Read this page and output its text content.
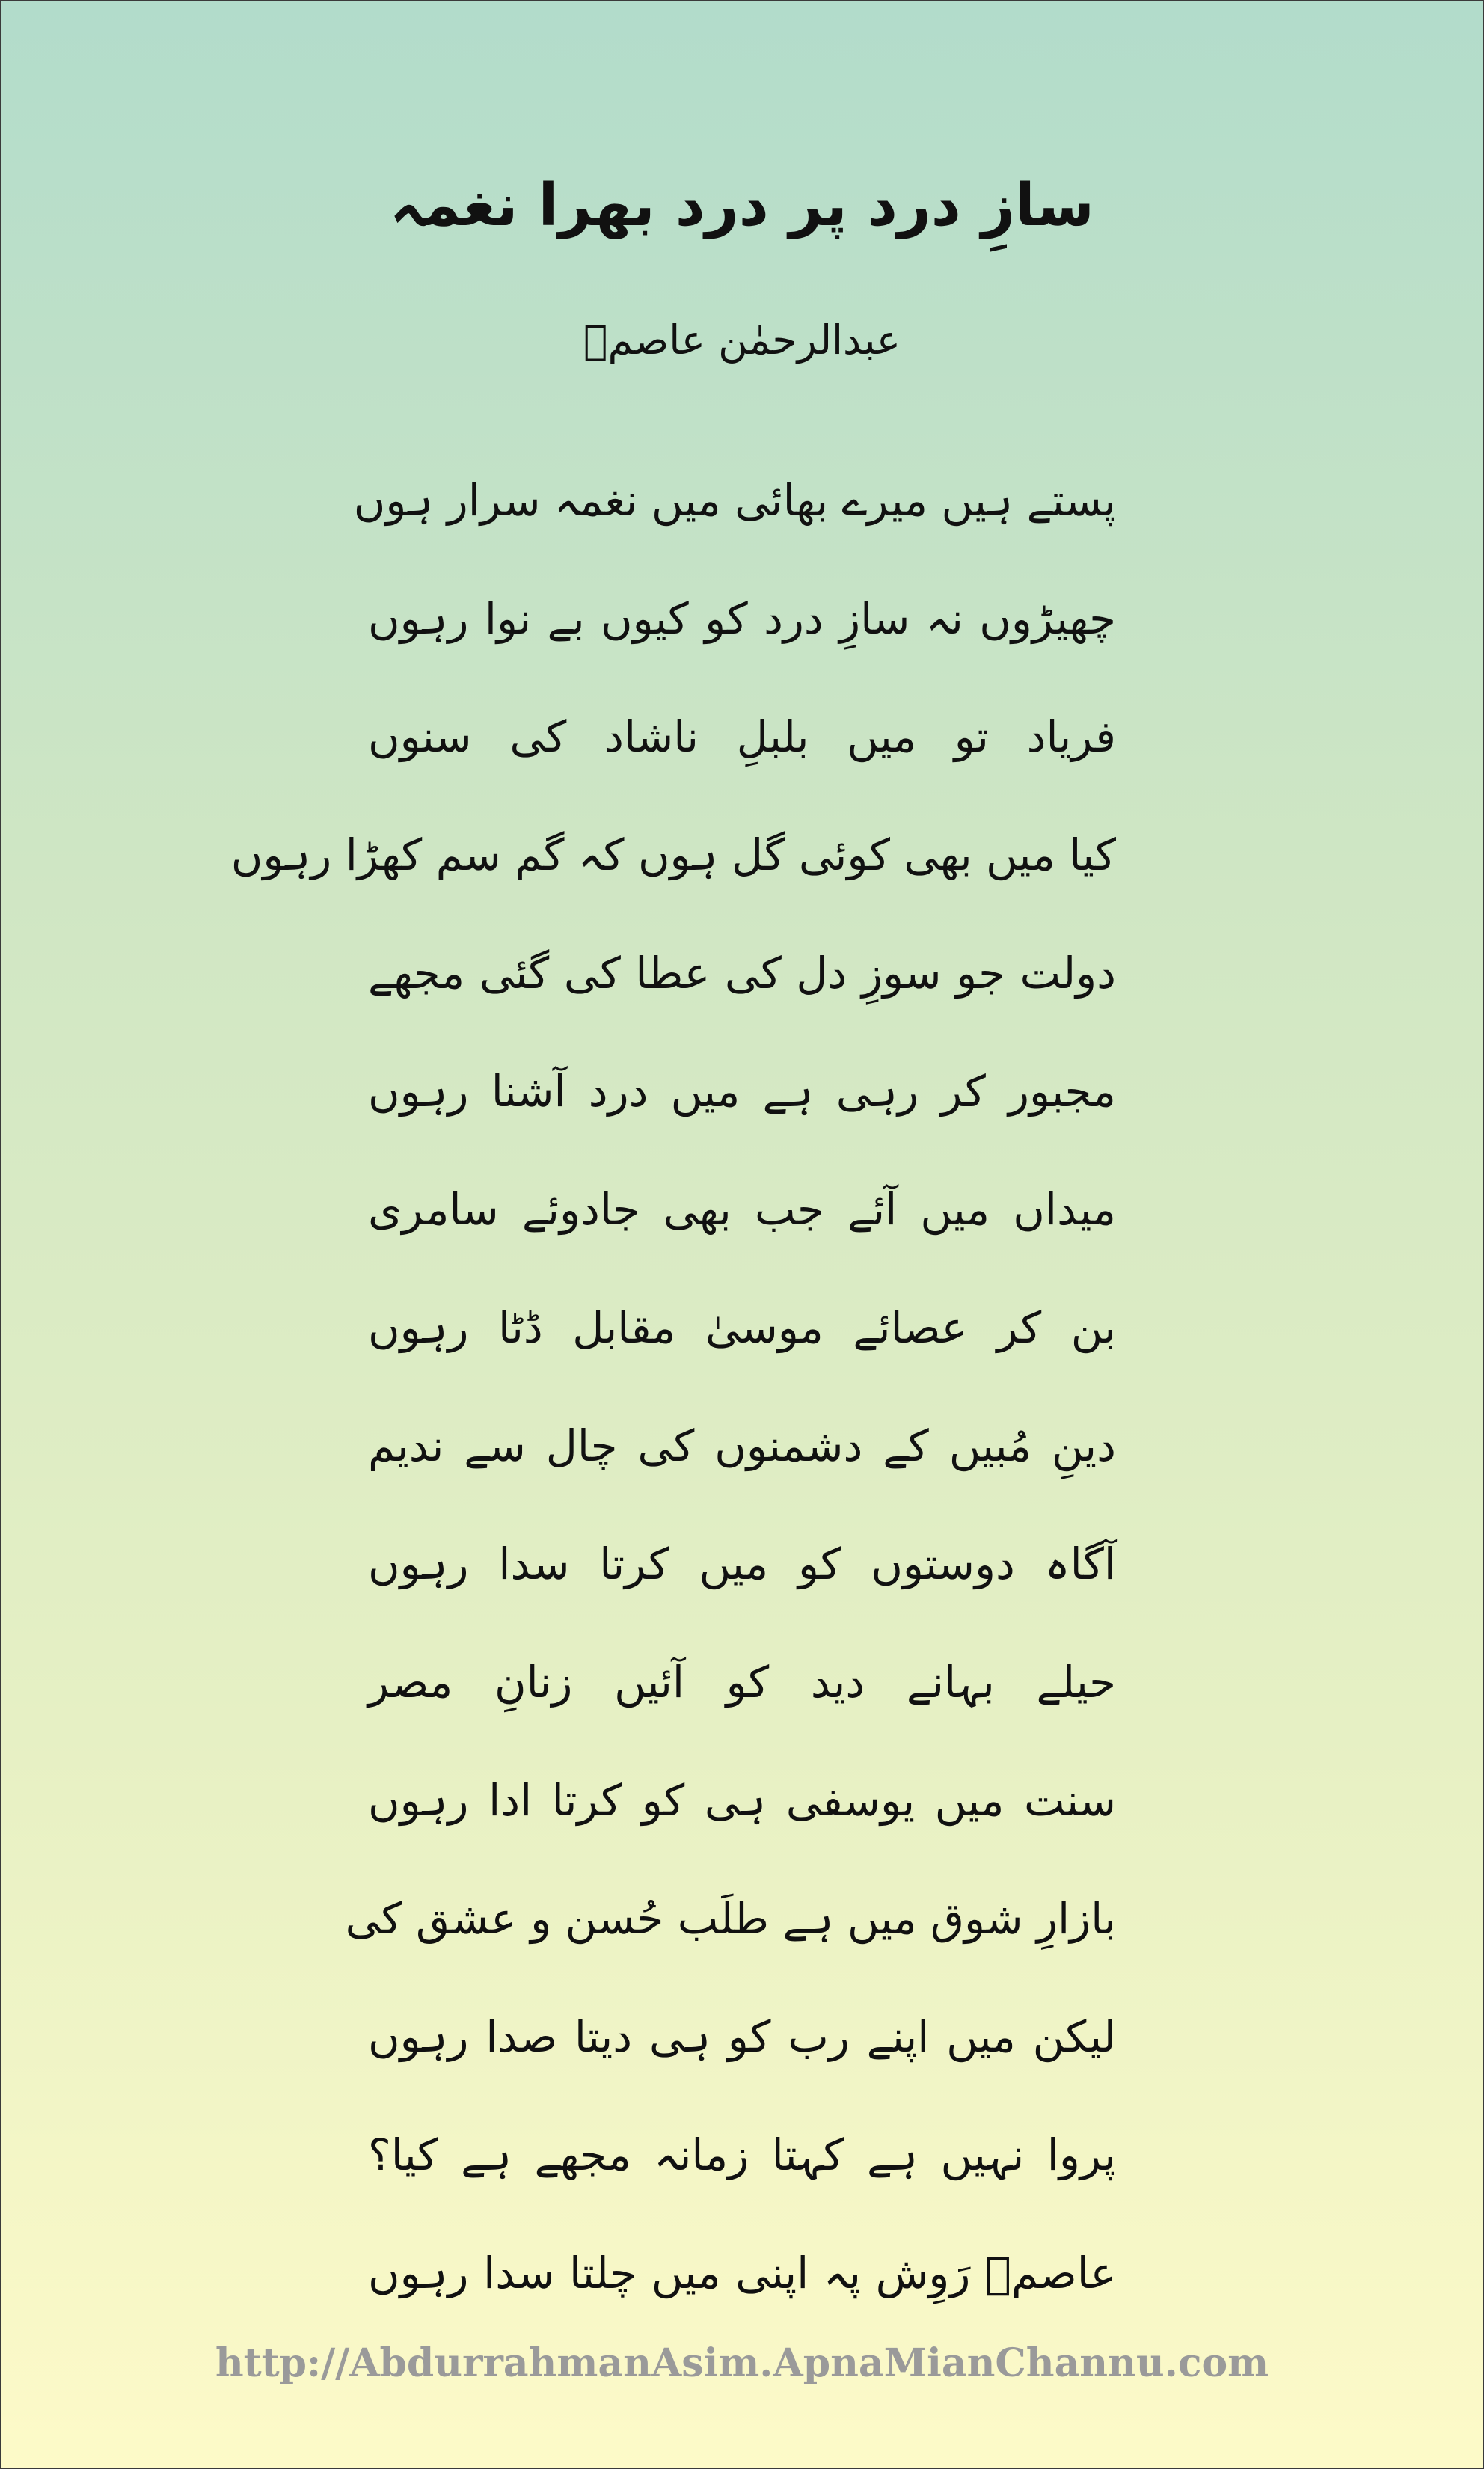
سازِ درد پر درد بھرا نغمہ
عبدالرحمٰن عاصمؔ
پستے ہیں میرے بھائی میں نغمہ سرار ہوں
چھیڑوں نہ سازِ درد کو کیوں بے نوا رہوں
فریاد تو میں بلبلِ ناشاد کی سنوں
کیا میں بھی کوئی گل ہوں کہ گم سم کھڑا رہوں
دولت جو سوزِ دل کی عطا کی گئی مجھے
مجبور کر رہی ہے میں درد آشنا رہوں
میداں میں آئے جب بھی جادوئے سامری
بن کر عصائے موسیٰ مقابل ڈٹا رہوں
دینِ مُبیں کے دشمنوں کی چال سے ندیم
آگاہ دوستوں کو میں کرتا سدا رہوں
حیلے بہانے دید کو آئیں زنانِ مصر
سنت میں یوسفی ہی کو کرتا ادا رہوں
بازارِ شوق میں ہے طلَب حُسن و عشق کی
لیکن میں اپنے رب کو ہی دیتا صدا رہوں
پروا نہیں ہے کہتا زمانہ مجھے ہے کیا؟
عاصمؔ رَوِش پہ اپنی میں چلتا سدا رہوں
http://AbdurrahmanAsim.ApnaMianChannu.com
